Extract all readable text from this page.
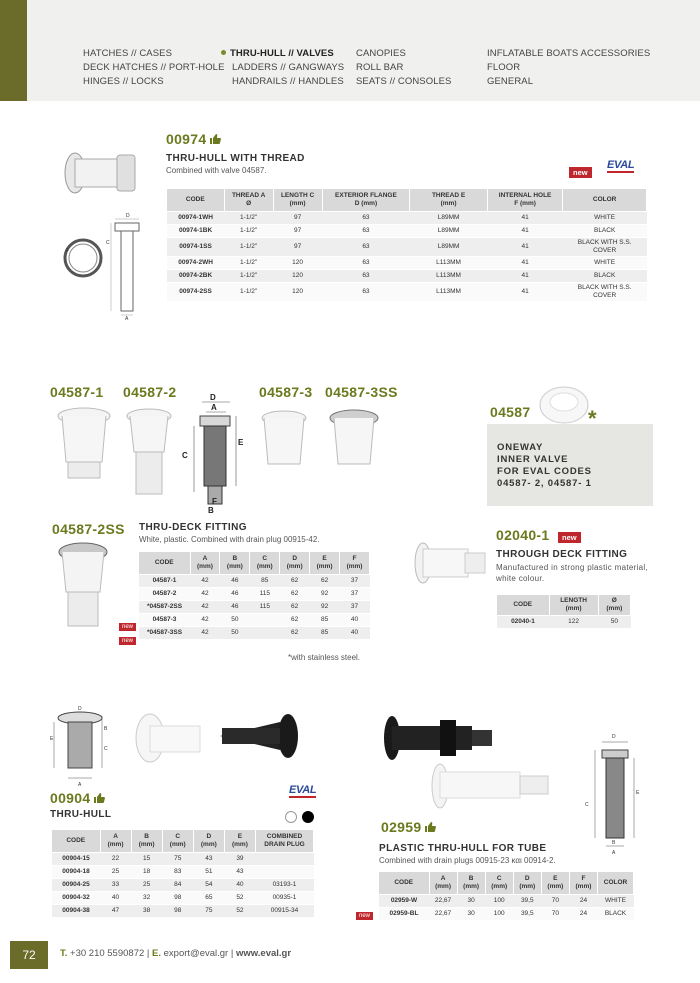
HATCHES // CASES
DECK HATCHES // PORT-HOLE
HINGES // LOCKS
THRU-HULL // VALVES
LADDERS // GANGWAYS
HANDRAILS // HANDLES
CANOPIES
ROLL BAR
SEATS // CONSOLES
INFLATABLE BOATS ACCESSORIES
FLOOR
GENERAL
D
F
C
A
00974
THRU-HULL WITH THREAD
Combined with valve 04587.	new
EVAL
CODE	THREAD A
Ø	LENGTH C
(mm)	EXTERIOR FLANGE
D (mm)	THREAD E
(mm)	INTERNAL HOLE
F (mm)	COLOR
00974-1WH	1-1/2"	97	63	L89MM	41	WHITE
00974-1BK	1-1/2"	97	63	L89MM	41	BLACK
00974-1SS	1-1/2"	97	63	L89MM	41	BLACK WITH S.S.
COVER
00974-2WH	1-1/2"	120	63	L113MM	41	WHITE
00974-2BK	1-1/2"	120	63	L113MM	41	BLACK
00974-2SS	1-1/2"	120	63	L113MM	41	BLACK WITH S.S.
COVER
04587-1 04587-2	04587-3 04587-3SS
D
A
E
C
F
B
04587-2SS THRU-DECK FITTING
White, plastic. Combined with drain plug 00915-42.
new
new
CODE	A
(mm)	B
(mm)	C
(mm)	D
(mm)	E
(mm)	F
(mm)
04587-1	42	46	85	62	62	37
04587-2	42	46	115	62	92	37
*04587-2SS	42	46	115	62	92	37
04587-3	42	50		62	85	40
*04587-3SS	42	50		62	85	40
*with stainless steel.
ONEWAY
INNER VALVE
FOR EVAL CODES
04587- 2, 04587- 1
04587	*
02040-1	new
THROUGH DECK FITTING
Manufactured in strong plastic material, white colour.
CODE	LENGTH
(mm)	Ø
(mm)
02040-1	122	50
D
E
B
C
A
00904
THRU-HULL
EVAL
CODE	A
(mm)	B
(mm)	C
(mm)	D
(mm)	E
(mm)	COMBINED
DRAIN PLUG
00904-15	22	15	75	43	39	
00904-18	25	18	83	51	43	
00904-25	33	25	84	54	40	03193-1
00904-32	40	32	98	65	52	00935-1
00904-38	47	38	98	75	52	00915-34
D
E
C
B
A
02959
PLASTIC THRU-HULL FOR TUBE
Combined with drain plugs 00915-23 και 00914-2.
new
CODE	A
(mm)	B
(mm)	C
(mm)	D
(mm)	E
(mm)	F
(mm)	COLOR
02959-W	22,67	30	100	39,5	70	24	WHITE
02959-BL	22,67	30	100	39,5	70	24	BLACK
72	T. +30 210 5590872 | E. export@eval.gr | www.eval.gr
